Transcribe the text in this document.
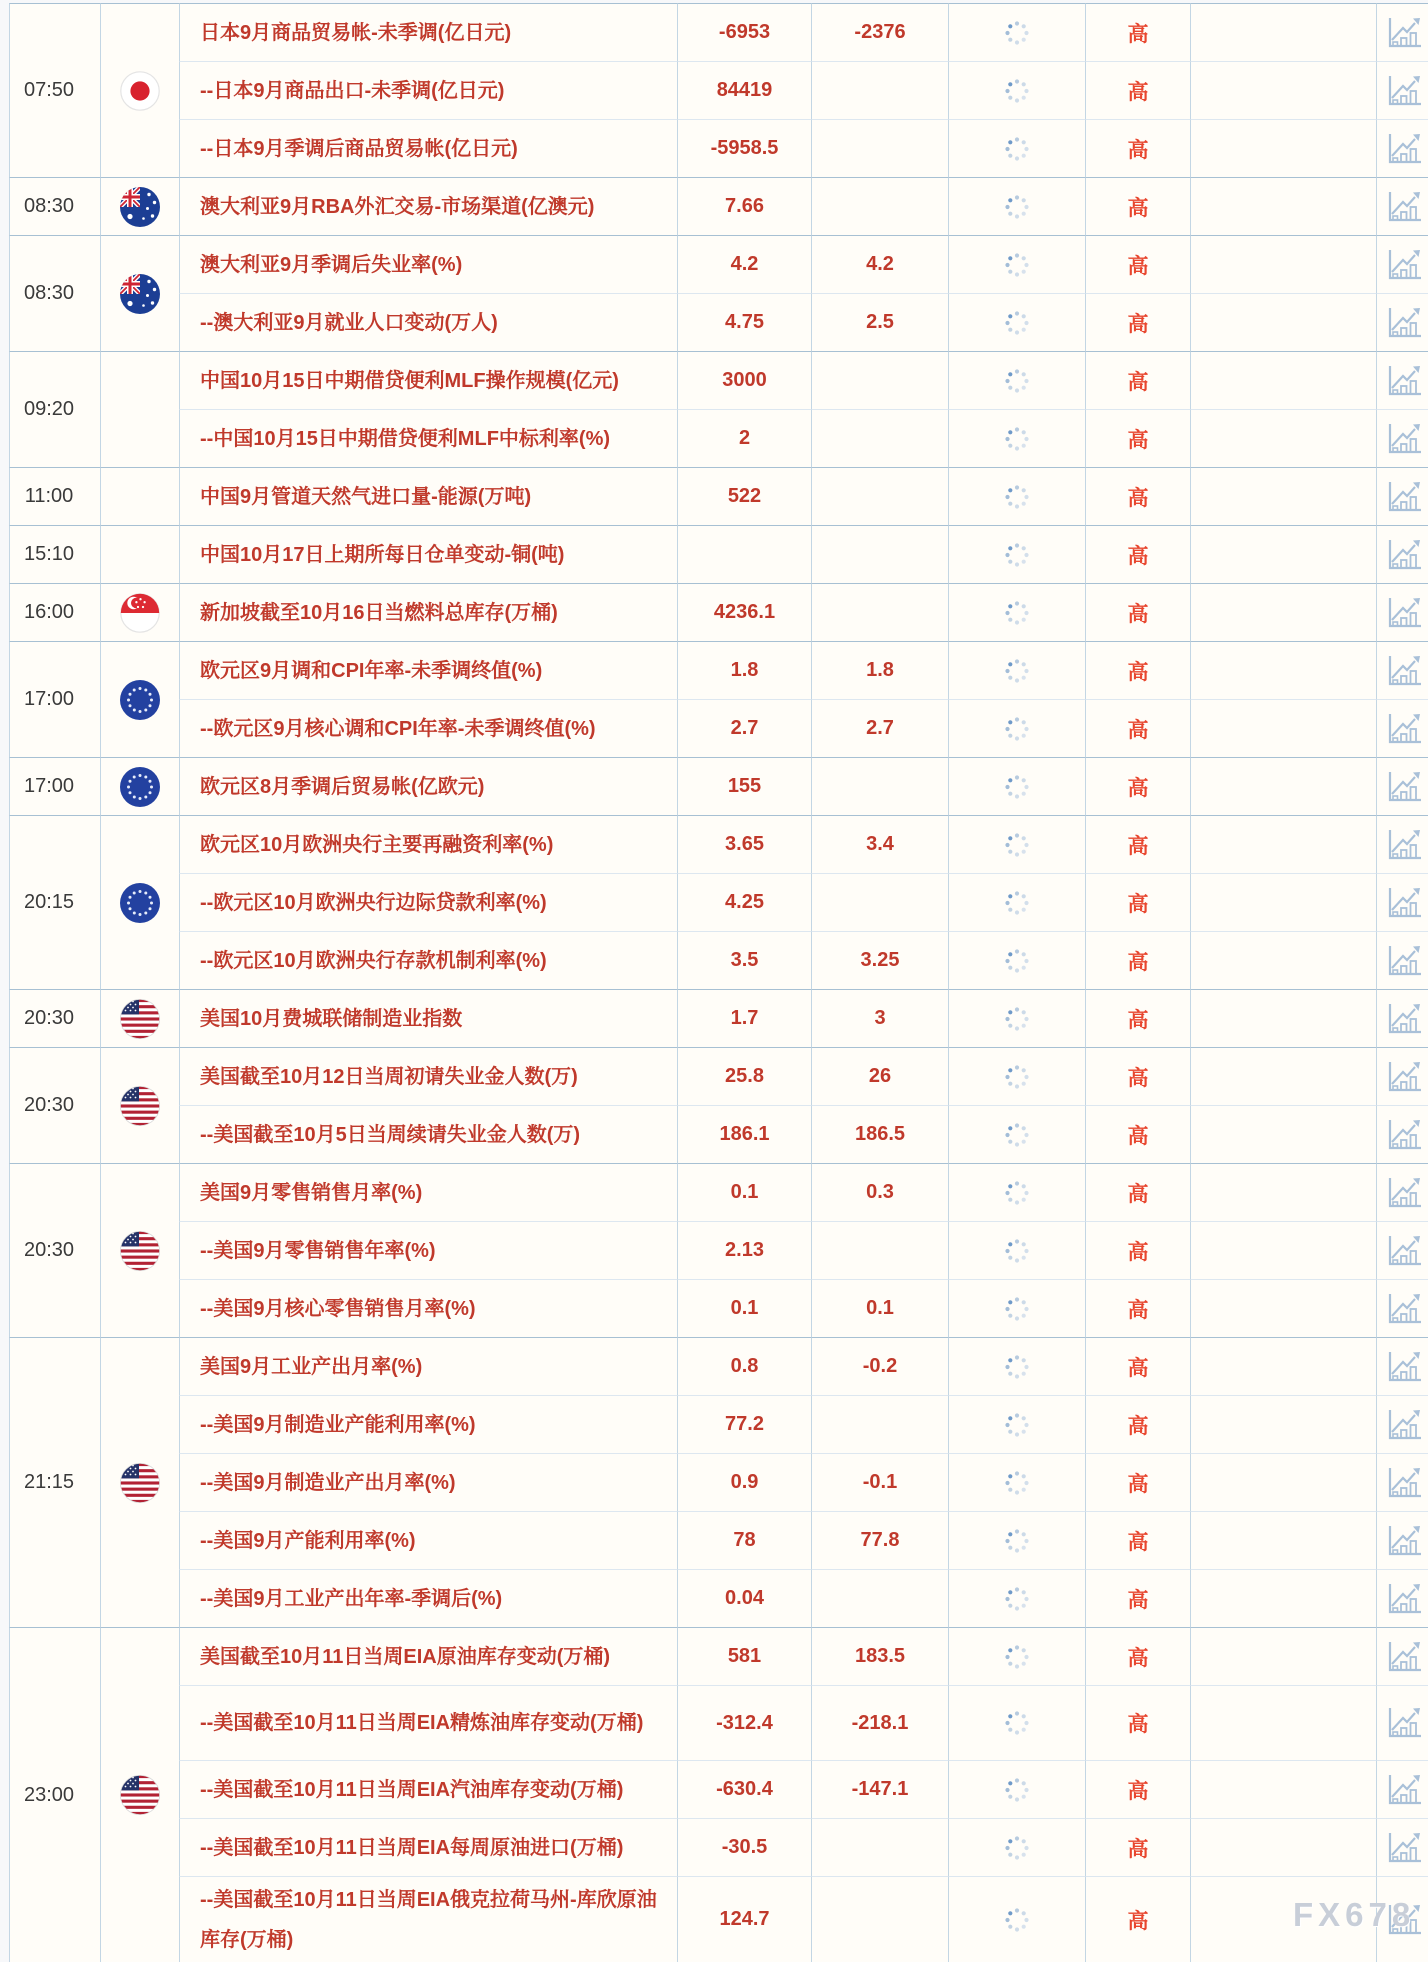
07:50		日本9月商品贸易帐-未季调(亿日元)	-6953	-2376		高		

		--日本9月商品出口-未季调(亿日元)	84419			高		

		--日本9月季调后商品贸易帐(亿日元)	-5958.5			高		

08:30		澳大利亚9月RBA外汇交易-市场渠道(亿澳元)	7.66			高		

08:30		澳大利亚9月季调后失业率(%)	4.2	4.2		高		

		--澳大利亚9月就业人口变动(万人)	4.75	2.5		高		

09:20		中国10月15日中期借贷便利MLF操作规模(亿元)	3000			高		

		--中国10月15日中期借贷便利MLF中标利率(%)	2			高		

11:00		中国9月管道天然气进口量-能源(万吨)	522			高		

15:10		中国10月17日上期所每日仓单变动-铜(吨)				高		

16:00		新加坡截至10月16日当燃料总库存(万桶)	4236.1			高		

17:00		欧元区9月调和CPI年率-未季调终值(%)	1.8	1.8		高		

		--欧元区9月核心调和CPI年率-未季调终值(%)	2.7	2.7		高		

17:00		欧元区8月季调后贸易帐(亿欧元)	155			高		

20:15		欧元区10月欧洲央行主要再融资利率(%)	3.65	3.4		高		

		--欧元区10月欧洲央行边际贷款利率(%)	4.25			高		

		--欧元区10月欧洲央行存款机制利率(%)	3.5	3.25		高		

20:30		美国10月费城联储制造业指数	1.7	3		高		

20:30		美国截至10月12日当周初请失业金人数(万)	25.8	26		高		

		--美国截至10月5日当周续请失业金人数(万)	186.1	186.5		高		

20:30		美国9月零售销售月率(%)	0.1	0.3		高		

		--美国9月零售销售年率(%)	2.13			高		

		--美国9月核心零售销售月率(%)	0.1	0.1		高		

21:15		美国9月工业产出月率(%)	0.8	-0.2		高		

		--美国9月制造业产能利用率(%)	77.2			高		

		--美国9月制造业产出月率(%)	0.9	-0.1		高		

		--美国9月产能利用率(%)	78	77.8		高		

		--美国9月工业产出年率-季调后(%)	0.04			高		

23:00		美国截至10月11日当周EIA原油库存变动(万桶)	581	183.5		高		

		--美国截至10月11日当周EIA精炼油库存变动(万桶)	-312.4	-218.1		高		

		--美国截至10月11日当周EIA汽油库存变动(万桶)	-630.4	-147.1		高		

		--美国截至10月11日当周EIA每周原油进口(万桶)	-30.5			高		

		--美国截至10月11日当周EIA俄克拉荷马州-库欣原油库存(万桶)	124.7			高			FX678
